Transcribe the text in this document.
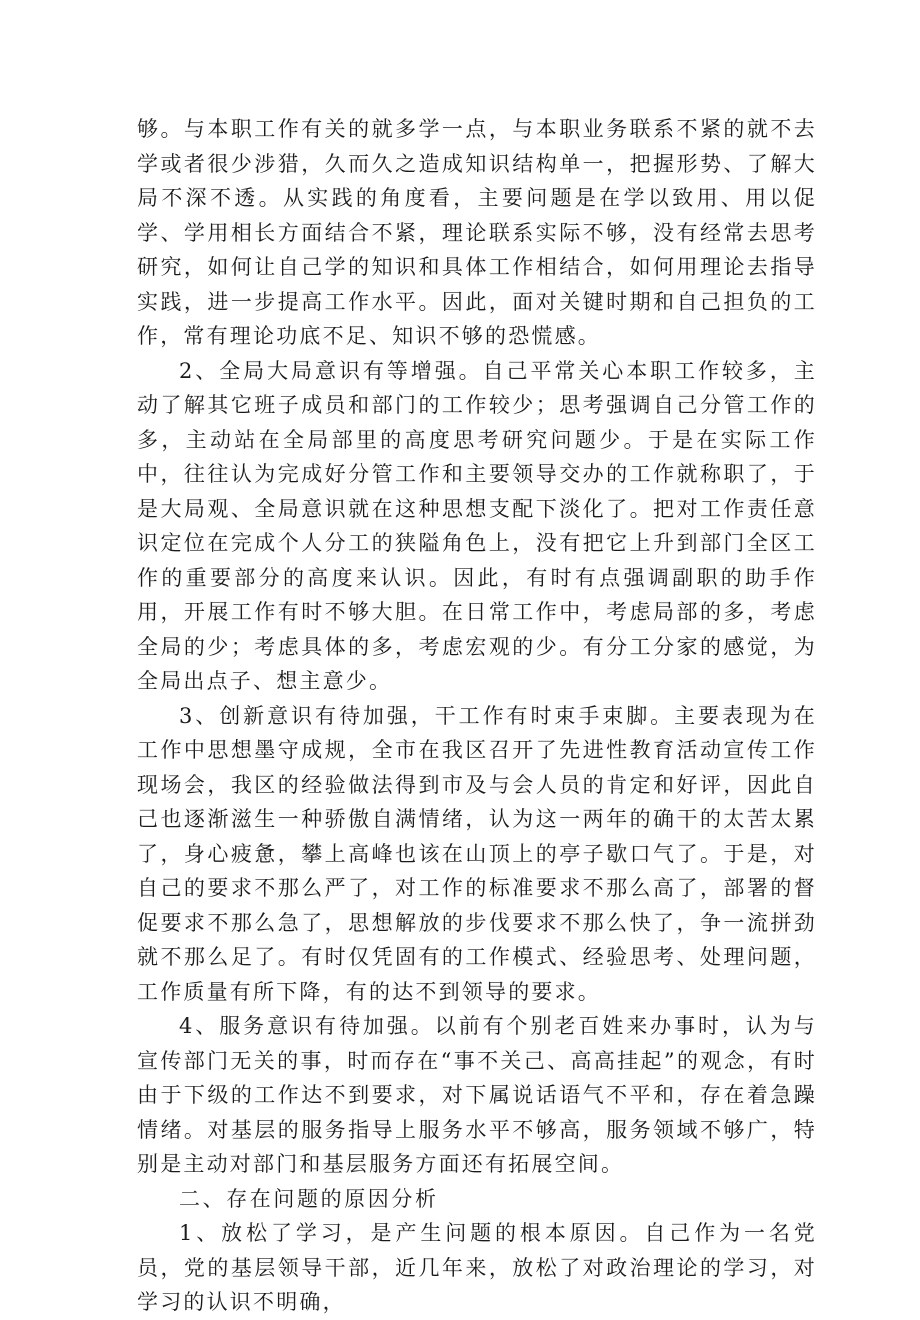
够。与本职工作有关的就多学一点，与本职业务联系不紧的就不去学或者很少涉猎，久而久之造成知识结构单一，把握形势、了解大局不深不透。从实践的角度看，主要问题是在学以致用、用以促学、学用相长方面结合不紧，理论联系实际不够，没有经常去思考研究，如何让自己学的知识和具体工作相结合，如何用理论去指导实践，进一步提高工作水平。因此，面对关键时期和自己担负的工作，常有理论功底不足、知识不够的恐慌感。

2、全局大局意识有等增强。自己平常关心本职工作较多，主动了解其它班子成员和部门的工作较少；思考强调自己分管工作的多，主动站在全局部里的高度思考研究问题少。于是在实际工作中，往往认为完成好分管工作和主要领导交办的工作就称职了，于是大局观、全局意识就在这种思想支配下淡化了。把对工作责任意识定位在完成个人分工的狭隘角色上，没有把它上升到部门全区工作的重要部分的高度来认识。因此，有时有点强调副职的助手作用，开展工作有时不够大胆。在日常工作中，考虑局部的多，考虑全局的少；考虑具体的多，考虑宏观的少。有分工分家的感觉，为全局出点子、想主意少。

3、创新意识有待加强，干工作有时束手束脚。主要表现为在工作中思想墨守成规，全市在我区召开了先进性教育活动宣传工作现场会，我区的经验做法得到市及与会人员的肯定和好评，因此自己也逐渐滋生一种骄傲自满情绪，认为这一两年的确干的太苦太累了，身心疲惫，攀上高峰也该在山顶上的亭子歇口气了。于是，对自己的要求不那么严了，对工作的标准要求不那么高了，部署的督促要求不那么急了，思想解放的步伐要求不那么快了，争一流拼劲就不那么足了。有时仅凭固有的工作模式、经验思考、处理问题，工作质量有所下降，有的达不到领导的要求。

4、服务意识有待加强。以前有个别老百姓来办事时，认为与宣传部门无关的事，时而存在“事不关己、高高挂起”的观念，有时由于下级的工作达不到要求，对下属说话语气不平和，存在着急躁情绪。对基层的服务指导上服务水平不够高，服务领域不够广，特别是主动对部门和基层服务方面还有拓展空间。

二、存在问题的原因分析

1、放松了学习，是产生问题的根本原因。自己作为一名党员，党的基层领导干部，近几年来，放松了对政治理论的学习，对学习的认识不明确，
